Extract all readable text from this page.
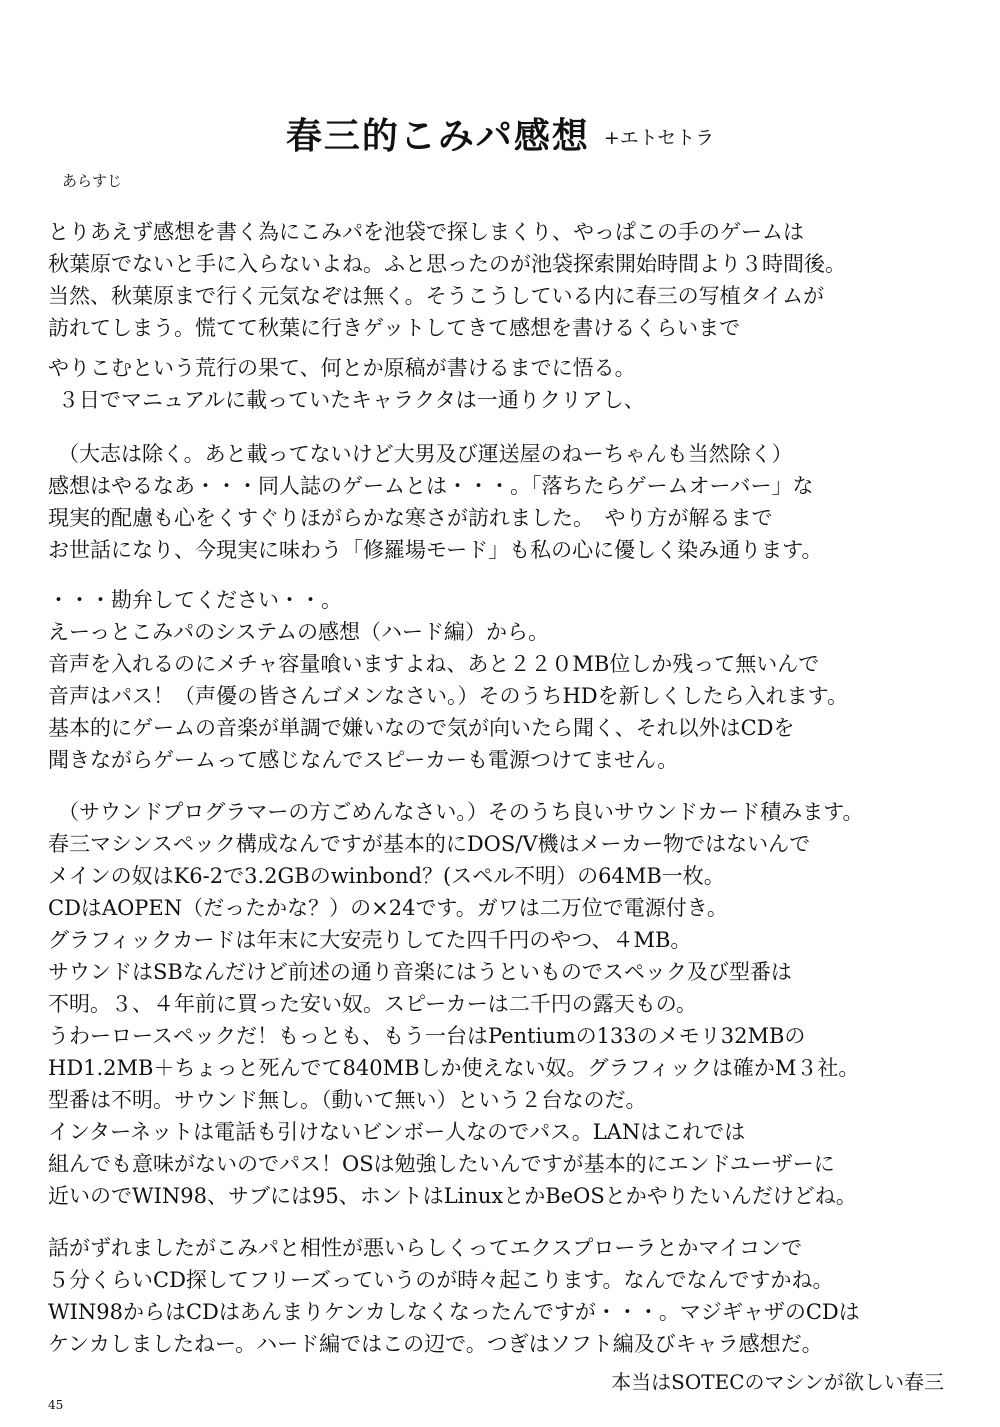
春三的こみパ感想 +エトセトラ
あらすじ
とりあえず感想を書く為にこみパを池袋で探しまくり、やっぱこの手のゲームは
秋葉原でないと手に入らないよね。ふと思ったのが池袋探索開始時間より３時間後。
当然、秋葉原まで行く元気なぞは無く。そうこうしている内に春三の写植タイムが
訪れてしまう。慌てて秋葉に行きゲットしてきて感想を書けるくらいまで
やりこむという荒行の果て、何とか原稿が書けるまでに悟る。
３日でマニュアルに載っていたキャラクタは一通りクリアし、
（大志は除く。あと載ってないけど大男及び運送屋のねーちゃんも当然除く）
感想はやるなあ・・・同人誌のゲームとは・・・。「落ちたらゲームオーバー」な
現実的配慮も心をくすぐりほがらかな寒さが訪れました。　やり方が解るまで
お世話になり、今現実に味わう「修羅場モード」も私の心に優しく染み通ります。
・・・勘弁してください・・。
えーっとこみパのシステムの感想（ハード編）から。
音声を入れるのにメチャ容量喰いますよね、あと２２０MB位しか残って無いんで
音声はパス！（声優の皆さんゴメンなさい。）そのうちHDを新しくしたら入れます。
基本的にゲームの音楽が単調で嫌いなので気が向いたら聞く、それ以外はCDを
聞きながらゲームって感じなんでスピーカーも電源つけてません。
（サウンドプログラマーの方ごめんなさい。）そのうち良いサウンドカード積みます。
春三マシンスペック構成なんですが基本的にDOS/V機はメーカー物ではないんで
メインの奴はK6-2で3.2GBのwinbond？(スペル不明）の64MB一枚。
CDはAOPEN（だったかな？）の×24です。ガワは二万位で電源付き。
グラフィックカードは年末に大安売りしてた四千円のやつ、４MB。
サウンドはSBなんだけど前述の通り音楽にはうといものでスペック及び型番は
不明。３、４年前に買った安い奴。スピーカーは二千円の露天もの。
うわーロースペックだ！もっとも、もう一台はPentiumの133のメモリ32MBの
HD1.2MB＋ちょっと死んでて840MBしか使えない奴。グラフィックは確かM３社。
型番は不明。サウンド無し。（動いて無い）という２台なのだ。
インターネットは電話も引けないビンボー人なのでパス。LANはこれでは
組んでも意味がないのでパス！OSは勉強したいんですが基本的にエンドユーザーに
近いのでWIN98、サブには95、ホントはLinuxとかBeOSとかやりたいんだけどね。
話がずれましたがこみパと相性が悪いらしくってエクスプローラとかマイコンで
５分くらいCD探してフリーズっていうのが時々起こります。なんでなんですかね。
WIN98からはCDはあんまりケンカしなくなったんですが・・・。マジギャザのCDは
ケンカしましたねー。ハード編ではこの辺で。つぎはソフト編及びキャラ感想だ。
本当はSOTECのマシンが欲しい春三
45
